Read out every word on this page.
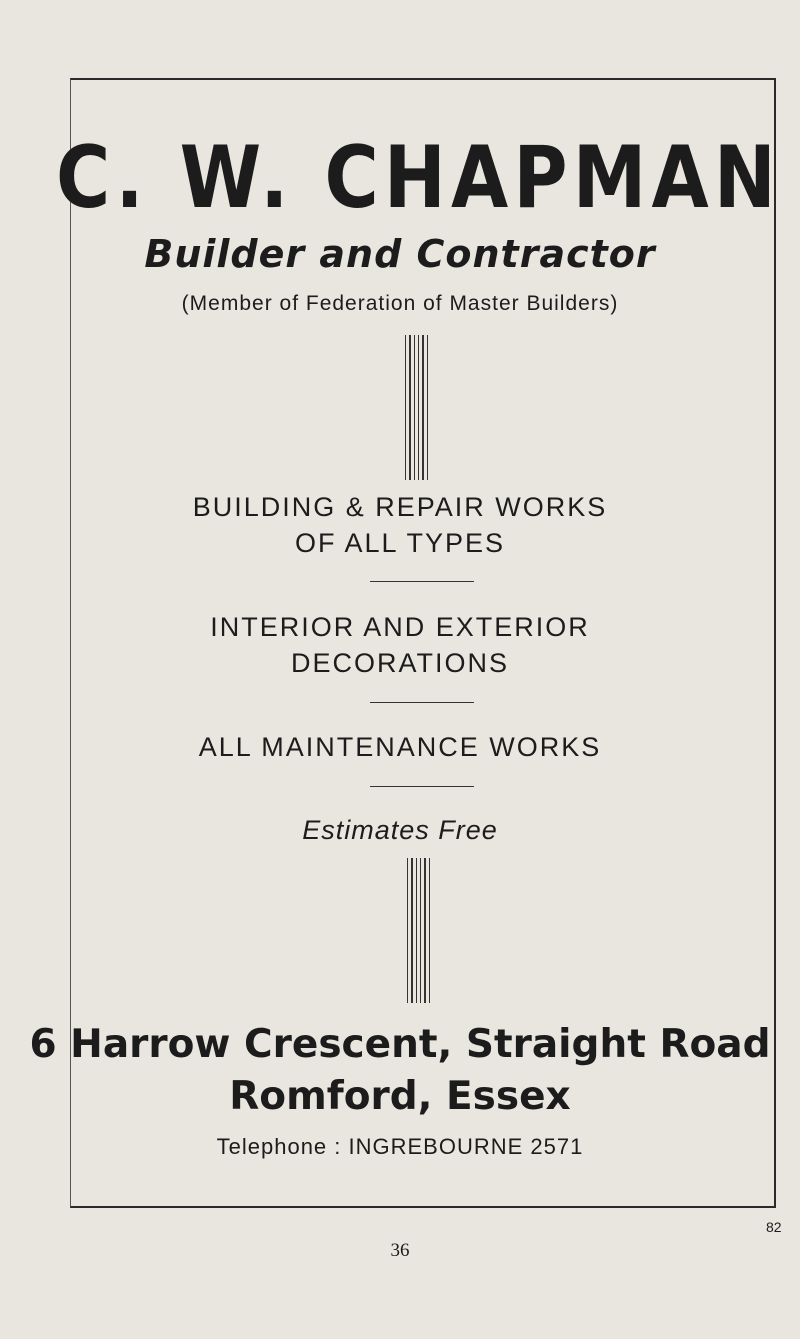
C. W. CHAPMAN
Builder and Contractor
(Member of Federation of Master Builders)
BUILDING & REPAIR WORKS
OF ALL TYPES
INTERIOR AND EXTERIOR
DECORATIONS
ALL MAINTENANCE WORKS
Estimates Free
6 Harrow Crescent, Straight Road
Romford, Essex
Telephone : INGREBOURNE 2571
36
82
